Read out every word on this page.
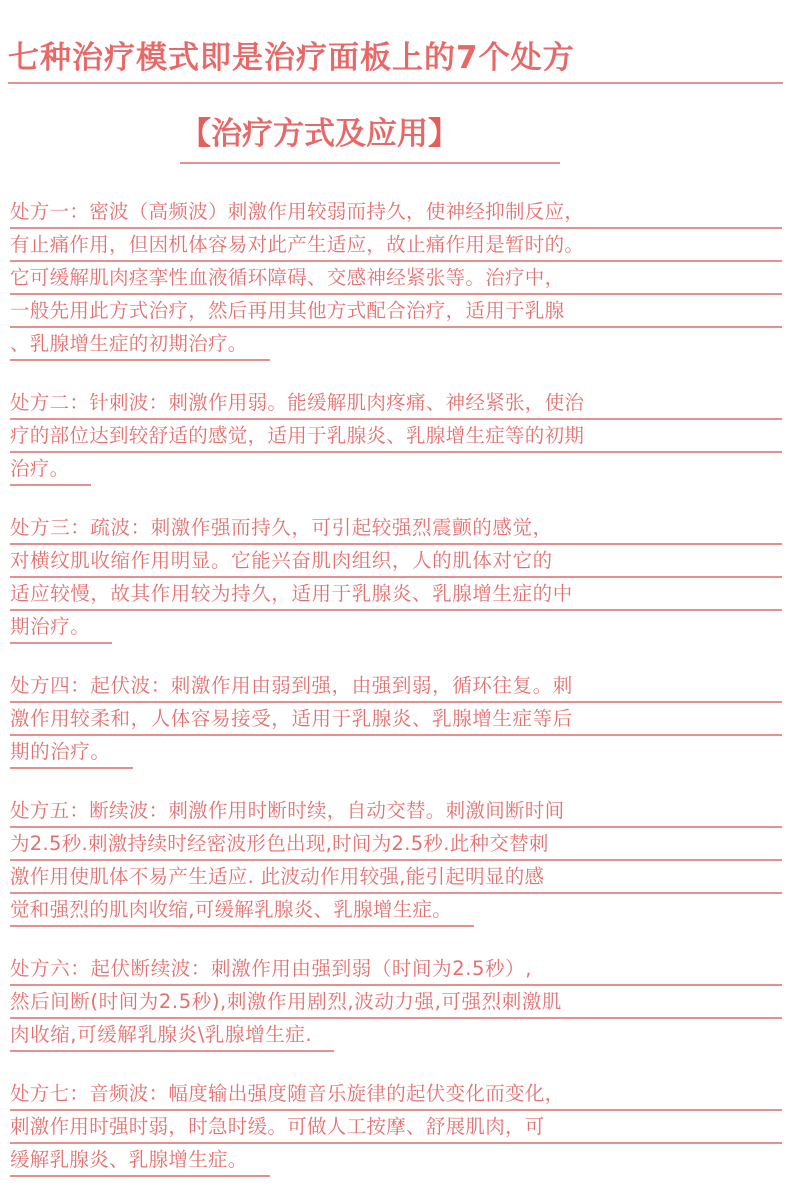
七种治疗模式即是治疗面板上的7个处方
【治疗方式及应用】
处方一：密波（高频波）刺激作用较弱而持久，使神经抑制反应，
有止痛作用，但因机体容易对此产生适应，故止痛作用是暂时的。
它可缓解肌肉痉挛性血液循环障碍、交感神经紧张等。治疗中，
一般先用此方式治疗，然后再用其他方式配合治疗，适用于乳腺
、乳腺增生症的初期治疗。
处方二：针刺波：刺激作用弱。能缓解肌肉疼痛、神经紧张，使治
疗的部位达到较舒适的感觉，适用于乳腺炎、乳腺增生症等的初期
治疗。
处方三：疏波：刺激作强而持久，可引起较强烈震颤的感觉，
对横纹肌收缩作用明显。它能兴奋肌肉组织，人的肌体对它的
适应较慢，故其作用较为持久，适用于乳腺炎、乳腺增生症的中
期治疗。
处方四：起伏波：刺激作用由弱到强，由强到弱，循环往复。刺
激作用较柔和，人体容易接受，适用于乳腺炎、乳腺增生症等后
期的治疗。
处方五：断续波：刺激作用时断时续，自动交替。刺激间断时间
为2.5秒.刺激持续时经密波形色出现,时间为2.5秒.此种交替刺
激作用使肌体不易产生适应. 此波动作用较强,能引起明显的感
觉和强烈的肌肉收缩,可缓解乳腺炎、乳腺增生症。
处方六：起伏断续波：刺激作用由强到弱（时间为2.5秒）,
然后间断(时间为2.5秒),刺激作用剧烈,波动力强,可强烈刺激肌
肉收缩,可缓解乳腺炎\乳腺增生症.
处方七：音频波：幅度输出强度随音乐旋律的起伏变化而变化，
刺激作用时强时弱，时急时缓。可做人工按摩、舒展肌肉，可
缓解乳腺炎、乳腺增生症。
